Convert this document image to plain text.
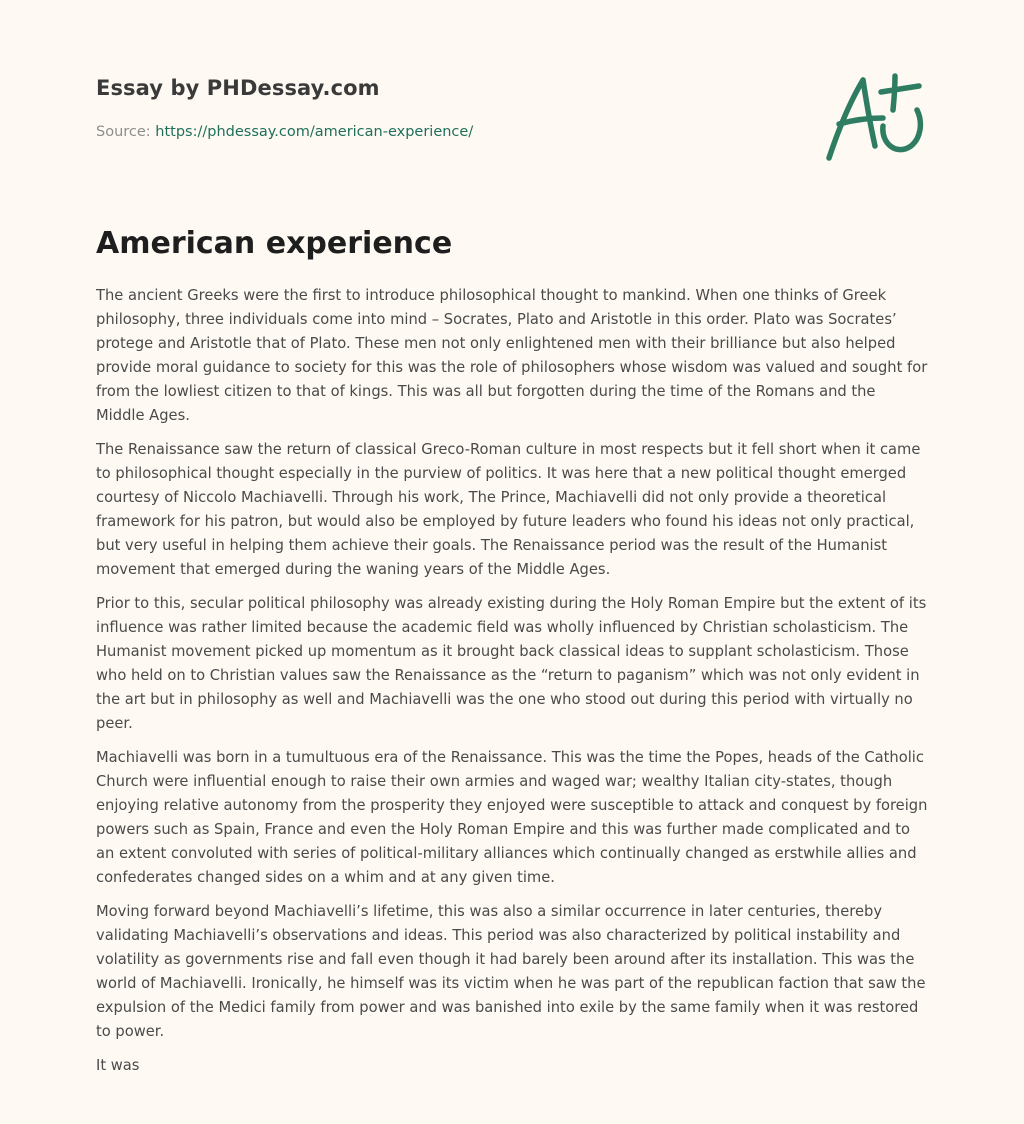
Essay by PHDessay.com
Source: https://phdessay.com/american-experience/
American experience

The ancient Greeks were the first to introduce philosophical thought to mankind. When one thinks of Greek philosophy, three individuals come into mind – Socrates, Plato and Aristotle in this order. Plato was Socrates’ protege and Aristotle that of Plato. These men not only enlightened men with their brilliance but also helped provide moral guidance to society for this was the role of philosophers whose wisdom was valued and sought for from the lowliest citizen to that of kings. This was all but forgotten during the time of the Romans and the Middle Ages.

The Renaissance saw the return of classical Greco-Roman culture in most respects but it fell short when it came to philosophical thought especially in the purview of politics. It was here that a new political thought emerged courtesy of Niccolo Machiavelli. Through his work, The Prince, Machiavelli did not only provide a theoretical framework for his patron, but would also be employed by future leaders who found his ideas not only practical, but very useful in helping them achieve their goals. The Renaissance period was the result of the Humanist movement that emerged during the waning years of the Middle Ages.

Prior to this, secular political philosophy was already existing during the Holy Roman Empire but the extent of its influence was rather limited because the academic field was wholly influenced by Christian scholasticism. The Humanist movement picked up momentum as it brought back classical ideas to supplant scholasticism. Those who held on to Christian values saw the Renaissance as the “return to paganism” which was not only evident in the art but in philosophy as well and Machiavelli was the one who stood out during this period with virtually no peer.

Machiavelli was born in a tumultuous era of the Renaissance. This was the time the Popes, heads of the Catholic Church were influential enough to raise their own armies and waged war; wealthy Italian city-states, though enjoying relative autonomy from the prosperity they enjoyed were susceptible to attack and conquest by foreign powers such as Spain, France and even the Holy Roman Empire and this was further made complicated and to an extent convoluted with series of political-military alliances which continually changed as erstwhile allies and confederates changed sides on a whim and at any given time.

Moving forward beyond Machiavelli’s lifetime, this was also a similar occurrence in later centuries, thereby validating Machiavelli’s observations and ideas. This period was also characterized by political instability and volatility as governments rise and fall even though it had barely been around after its installation. This was the world of Machiavelli. Ironically, he himself was its victim when he was part of the republican faction that saw the expulsion of the Medici family from power and was banished into exile by the same family when it was restored to power.

It was
